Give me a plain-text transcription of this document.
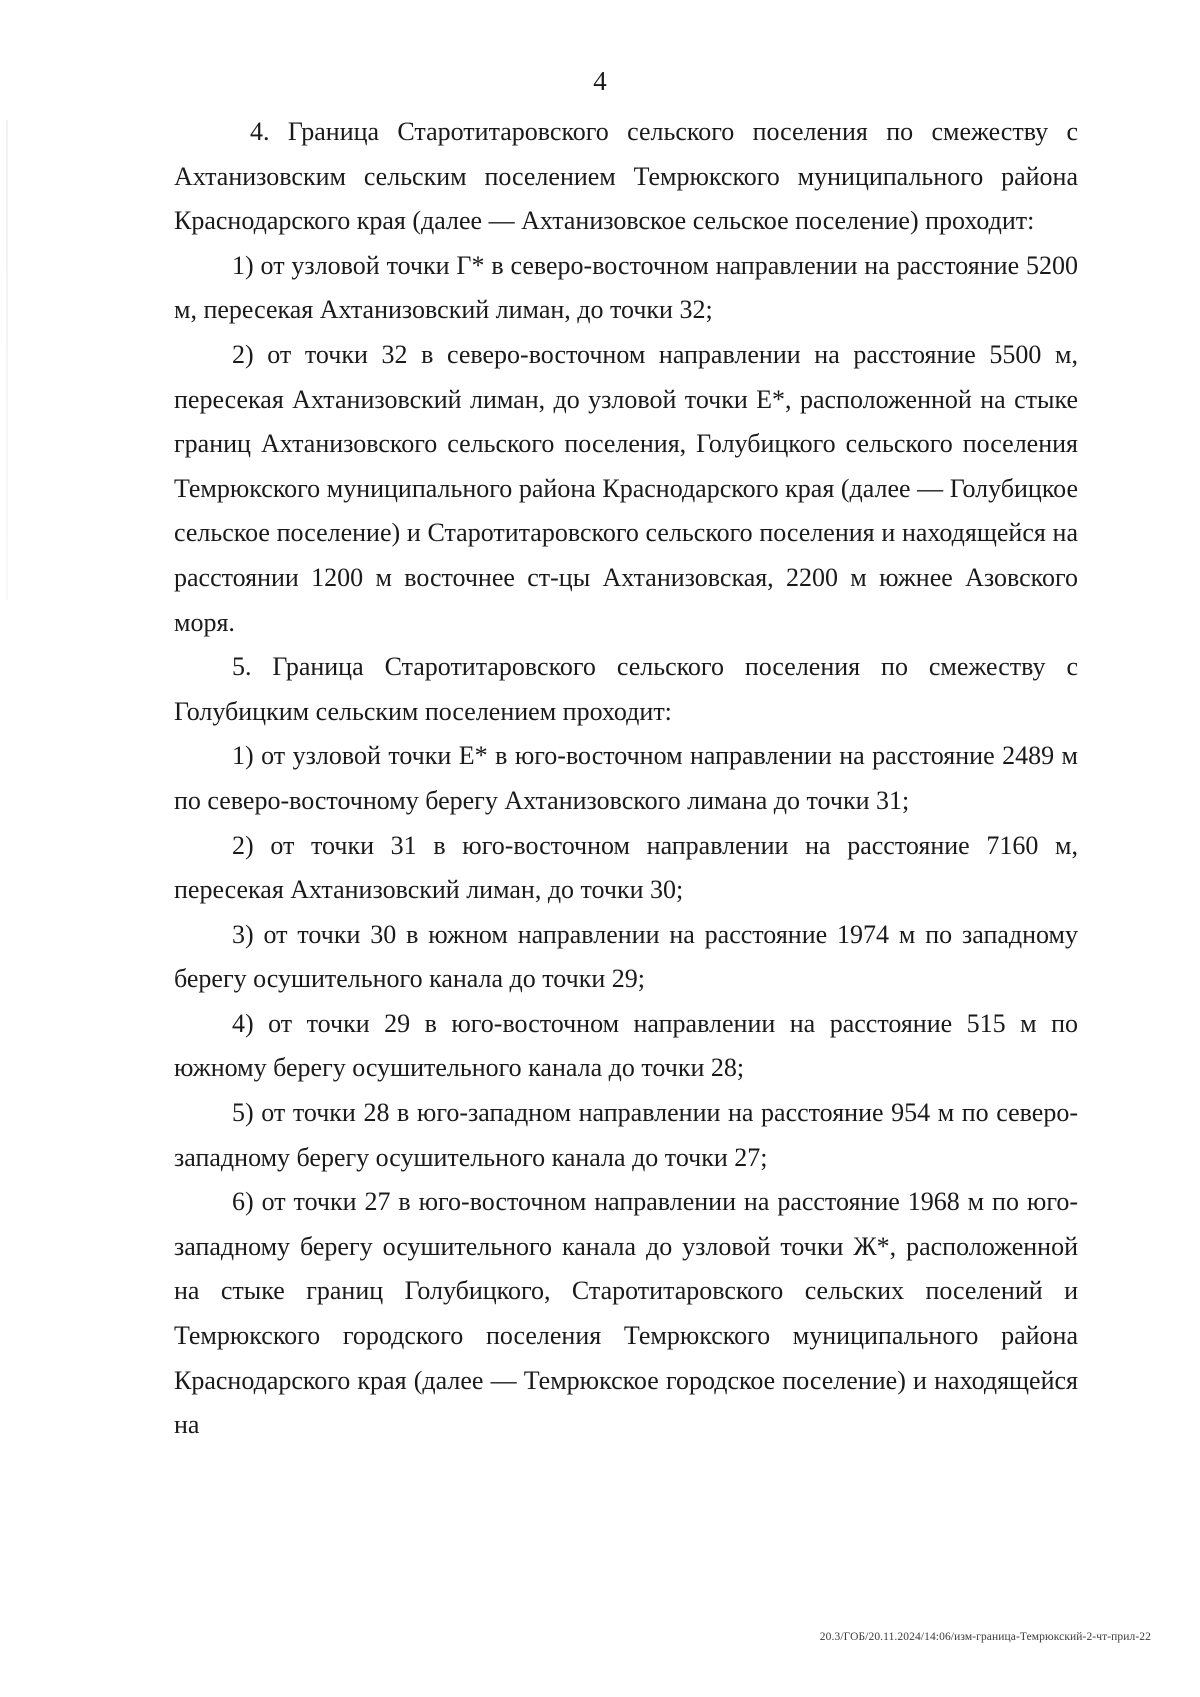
4

4. Граница Старотитаровского сельского поселения по смежеству с Ахтанизовским сельским поселением Темрюкского муниципального района Краснодарского края (далее — Ахтанизовское сельское поселение) проходит:

1) от узловой точки Г* в северо-восточном направлении на расстояние 5200 м, пересекая Ахтанизовский лиман, до точки 32;

2) от точки 32 в северо-восточном направлении на расстояние 5500 м, пересекая Ахтанизовский лиман, до узловой точки Е*, расположенной на стыке границ Ахтанизовского сельского поселения, Голубицкого сельского поселения Темрюкского муниципального района Краснодарского края (далее — Голубицкое сельское поселение) и Старотитаровского сельского поселения и находящейся на расстоянии 1200 м восточнее ст-цы Ахтанизовская, 2200 м южнее Азовского моря.

5. Граница Старотитаровского сельского поселения по смежеству с Голубицким сельским поселением проходит:

1) от узловой точки Е* в юго-восточном направлении на расстояние 2489 м по северо-восточному берегу Ахтанизовского лимана до точки 31;

2) от точки 31 в юго-восточном направлении на расстояние 7160 м, пересекая Ахтанизовский лиман, до точки 30;

3) от точки 30 в южном направлении на расстояние 1974 м по западному берегу осушительного канала до точки 29;

4) от точки 29 в юго-восточном направлении на расстояние 515 м по южному берегу осушительного канала до точки 28;

5) от точки 28 в юго-западном направлении на расстояние 954 м по северо-западному берегу осушительного канала до точки 27;

6) от точки 27 в юго-восточном направлении на расстояние 1968 м по юго-западному берегу осушительного канала до узловой точки Ж*, расположенной на стыке границ Голубицкого, Старотитаровского сельских поселений и Темрюкского городского поселения Темрюкского муниципального района Краснодарского края (далее — Темрюкское городское поселение) и находящейся на

20.3/ГОБ/20.11.2024/14:06/изм-граница-Темрюкский-2-чт-прил-22
